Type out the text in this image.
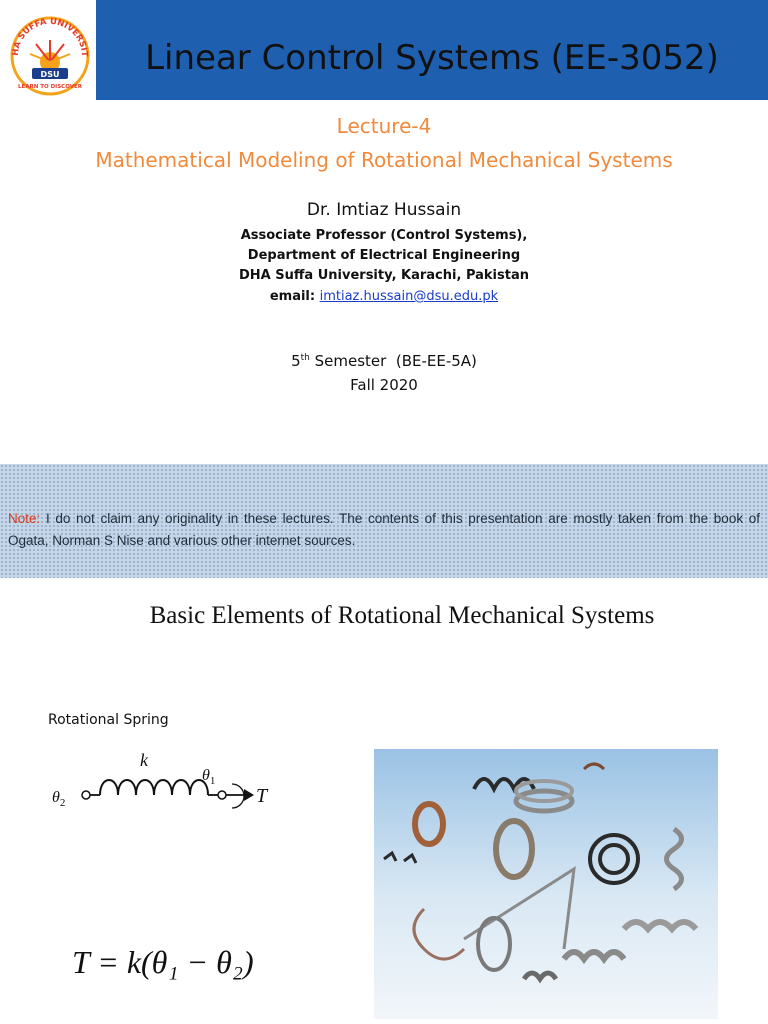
HA SUFFA UNIVERSIT
DSU
LEARN TO DISCOVER
Linear Control Systems (EE-3052)
Lecture-4
Mathematical Modeling of Rotational Mechanical Systems
Dr. Imtiaz Hussain
Associate Professor (Control Systems),
Department of Electrical Engineering
DHA Suffa University, Karachi, Pakistan
email: imtiaz.hussain@dsu.edu.pk
5th Semester  (BE-EE-5A)
Fall 2020
Note: I do not claim any originality in these lectures. The contents of this presentation are mostly taken from the book of Ogata, Norman S Nise and various other internet sources.
Basic Elements of Rotational Mechanical Systems
Rotational Spring
k
$\theta_1$
$\theta_2$	T
T = k(θ₁ − θ₂)
